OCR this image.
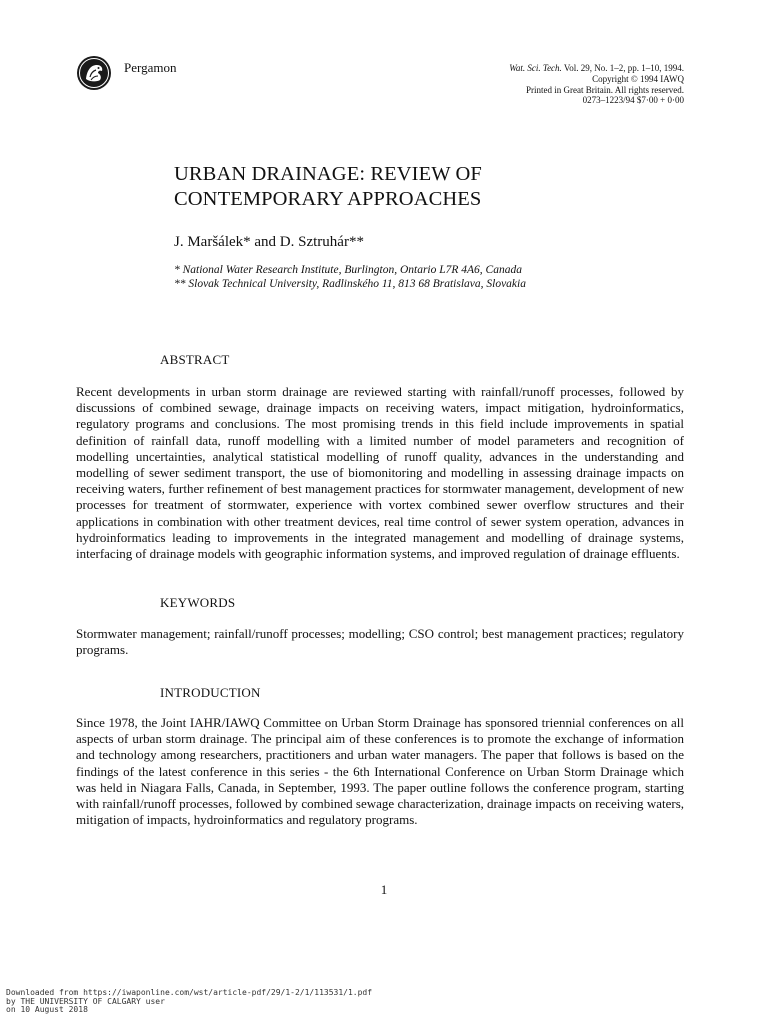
Pergamon	Wat. Sci. Tech. Vol. 29, No. 1–2, pp. 1–10, 1994.
Copyright © 1994 IAWQ
Printed in Great Britain. All rights reserved.
0273–1223/94 $7·00 + 0·00
URBAN DRAINAGE: REVIEW OF
CONTEMPORARY APPROACHES
J. Maršálek* and D. Sztruhár**
* National Water Research Institute, Burlington, Ontario L7R 4A6, Canada
** Slovak Technical University, Radlinského 11, 813 68 Bratislava, Slovakia
ABSTRACT

Recent developments in urban storm drainage are reviewed starting with rainfall/runoff processes, followed by discussions of combined sewage, drainage impacts on receiving waters, impact mitigation, hydroinformatics, regulatory programs and conclusions. The most promising trends in this field include improvements in spatial definition of rainfall data, runoff modelling with a limited number of model parameters and recognition of modelling uncertainties, analytical statistical modelling of runoff quality, advances in the understanding and modelling of sewer sediment transport, the use of biomonitoring and modelling in assessing drainage impacts on receiving waters, further refinement of best management practices for stormwater management, development of new processes for treatment of stormwater, experience with vortex combined sewer overflow structures and their applications in combination with other treatment devices, real time control of sewer system operation, advances in hydroinformatics leading to improvements in the integrated management and modelling of drainage systems, interfacing of drainage models with geographic information systems, and improved regulation of drainage effluents.

KEYWORDS

Stormwater management; rainfall/runoff processes; modelling; CSO control; best management practices; regulatory programs.

INTRODUCTION

Since 1978, the Joint IAHR/IAWQ Committee on Urban Storm Drainage has sponsored triennial conferences on all aspects of urban storm drainage. The principal aim of these conferences is to promote the exchange of information and technology among researchers, practitioners and urban water managers. The paper that follows is based on the findings of the latest conference in this series - the 6th International Conference on Urban Storm Drainage which was held in Niagara Falls, Canada, in September, 1993. The paper outline follows the conference program, starting with rainfall/runoff processes, followed by combined sewage characterization, drainage impacts on receiving waters, mitigation of impacts, hydroinformatics and regulatory programs.

1
Downloaded from https://iwaponline.com/wst/article-pdf/29/1-2/1/113531/1.pdf
by THE UNIVERSITY OF CALGARY user
on 10 August 2018
